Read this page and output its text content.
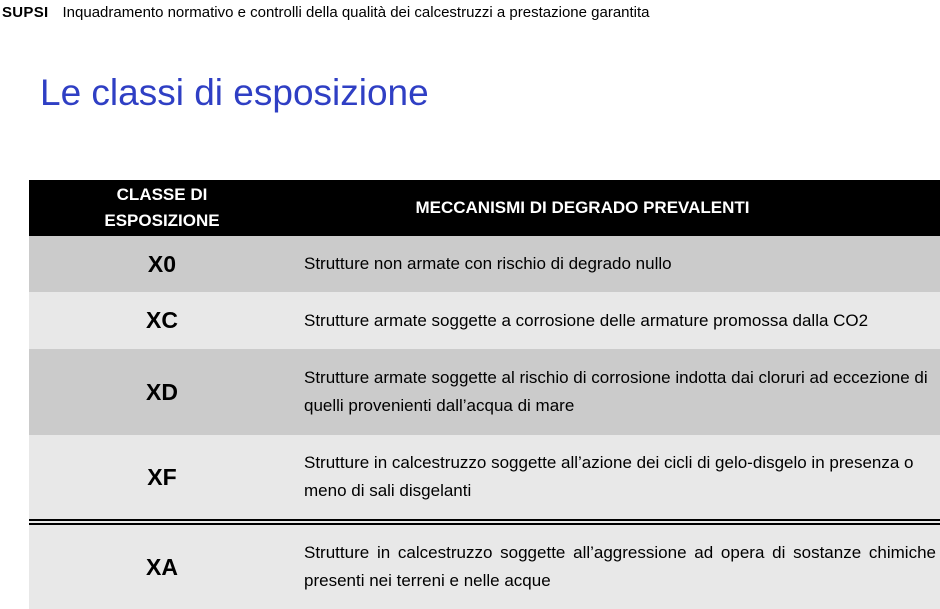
SUPSI Inquadramento normativo e controlli della qualità dei calcestruzzi a prestazione garantita
Le classi di esposizione
CLASSE DI
ESPOSIZIONE
MECCANISMI DI DEGRADO PREVALENTI
X0	Strutture non armate con rischio di degrado nullo
XC	Strutture armate soggette a corrosione delle armature promossa dalla CO2
XD
Strutture armate soggette al rischio di corrosione indotta dai cloruri ad eccezione di quelli provenienti dall’acqua di mare
XF
Strutture in calcestruzzo soggette all’azione dei cicli di gelo-disgelo in presenza o meno di sali disgelanti
XA
Strutture in calcestruzzo soggette all’aggressione ad opera di sostanze chimiche presenti nei terreni e nelle acque
